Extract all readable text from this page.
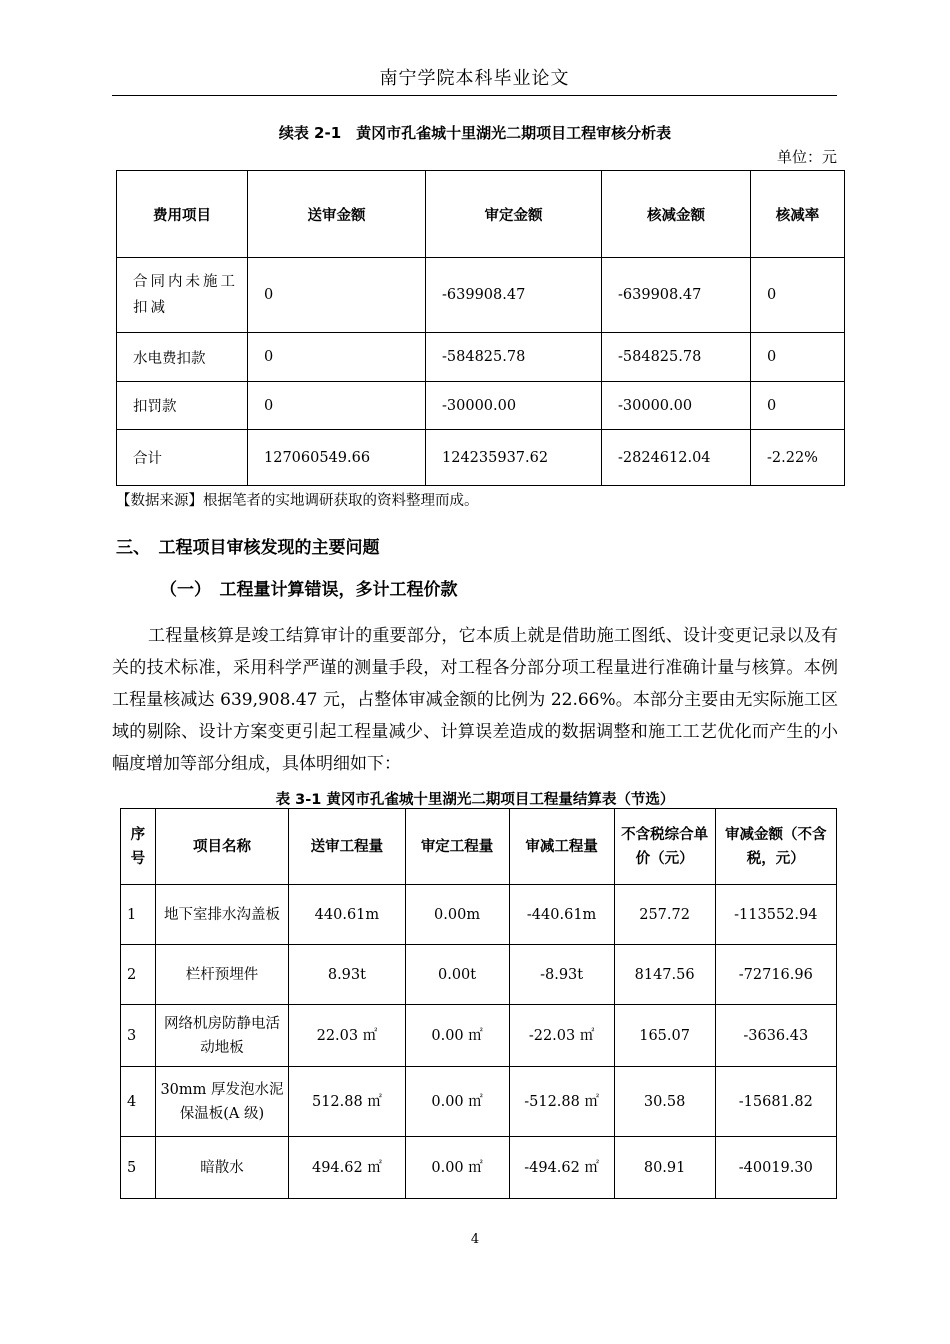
南宁学院本科毕业论文
续表 2-1　黄冈市孔雀城十里湖光二期项目工程审核分析表
单位：元
费用项目	送审金额	审定金额	核减金额	核减率
合同内未施工扣减	0	-639908.47	-639908.47	0
水电费扣款	0	-584825.78	-584825.78	0
扣罚款	0	-30000.00	-30000.00	0
合计	127060549.66	124235937.62	-2824612.04	-2.22%
【数据来源】根据笔者的实地调研获取的资料整理而成。
三、　工程项目审核发现的主要问题
（一）　工程量计算错误，多计工程价款
工程量核算是竣工结算审计的重要部分，它本质上就是借助施工图纸、设计变更记录以及有关的技术标准，采用科学严谨的测量手段，对工程各分部分项工程量进行准确计量与核算。本例工程量核减达 639,908.47 元，占整体审减金额的比例为 22.66%。本部分主要由无实际施工区域的剔除、设计方案变更引起工程量减少、计算误差造成的数据调整和施工工艺优化而产生的小幅度增加等部分组成，具体明细如下：
表 3-1 黄冈市孔雀城十里湖光二期项目工程量结算表（节选）
序号	项目名称	送审工程量	审定工程量	审减工程量	不含税综合单价（元）	审减金额（不含税，元）
1	地下室排水沟盖板	440.61m	0.00m	-440.61m	257.72	-113552.94
2	栏杆预埋件	8.93t	0.00t	-8.93t	8147.56	-72716.96
3	网络机房防静电活动地板	22.03 ㎡	0.00 ㎡	-22.03 ㎡	165.07	-3636.43
4	30mm 厚发泡水泥保温板(A 级)	512.88 ㎡	0.00 ㎡	-512.88 ㎡	30.58	-15681.82
5	暗散水	494.62 ㎡	0.00 ㎡	-494.62 ㎡	80.91	-40019.30
4
